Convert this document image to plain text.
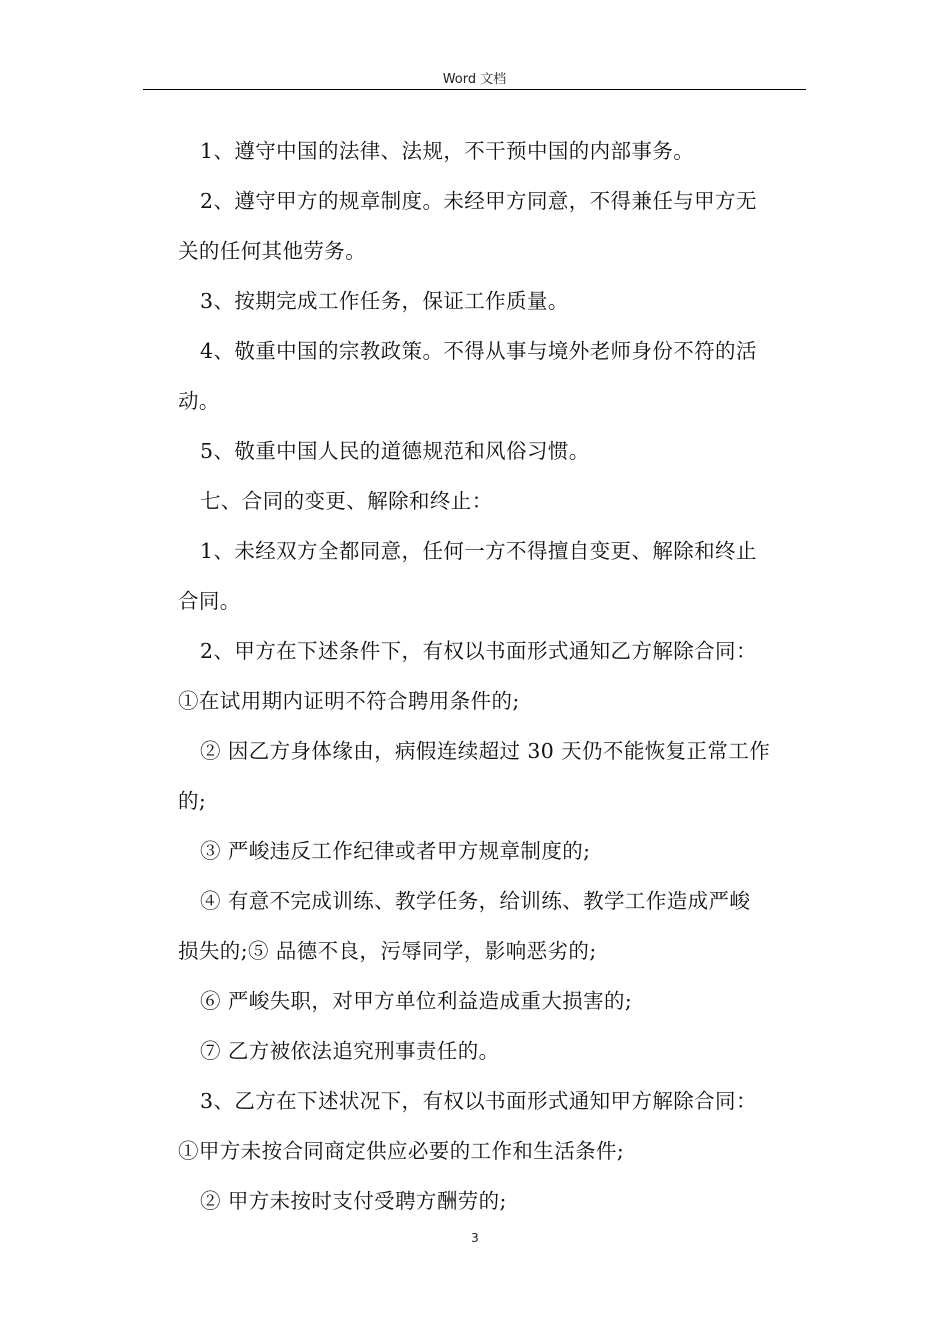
Word 文档

1、遵守中国的法律、法规，不干预中国的内部事务。

2、遵守甲方的规章制度。未经甲方同意，不得兼任与甲方无

关的任何其他劳务。

3、按期完成工作任务，保证工作质量。

4、敬重中国的宗教政策。不得从事与境外老师身份不符的活

动。

5、敬重中国人民的道德规范和风俗习惯。

七、合同的变更、解除和终止：

1、未经双方全都同意，任何一方不得擅自变更、解除和终止

合同。

2、甲方在下述条件下，有权以书面形式通知乙方解除合同：

①在试用期内证明不符合聘用条件的;

② 因乙方身体缘由，病假连续超过 30 天仍不能恢复正常工作

的;

③ 严峻违反工作纪律或者甲方规章制度的;

④ 有意不完成训练、教学任务，给训练、教学工作造成严峻

损失的;⑤ 品德不良，污辱同学，影响恶劣的;

⑥ 严峻失职，对甲方单位利益造成重大损害的;

⑦ 乙方被依法追究刑事责任的。

3、乙方在下述状况下，有权以书面形式通知甲方解除合同：

①甲方未按合同商定供应必要的工作和生活条件;

② 甲方未按时支付受聘方酬劳的;

3
